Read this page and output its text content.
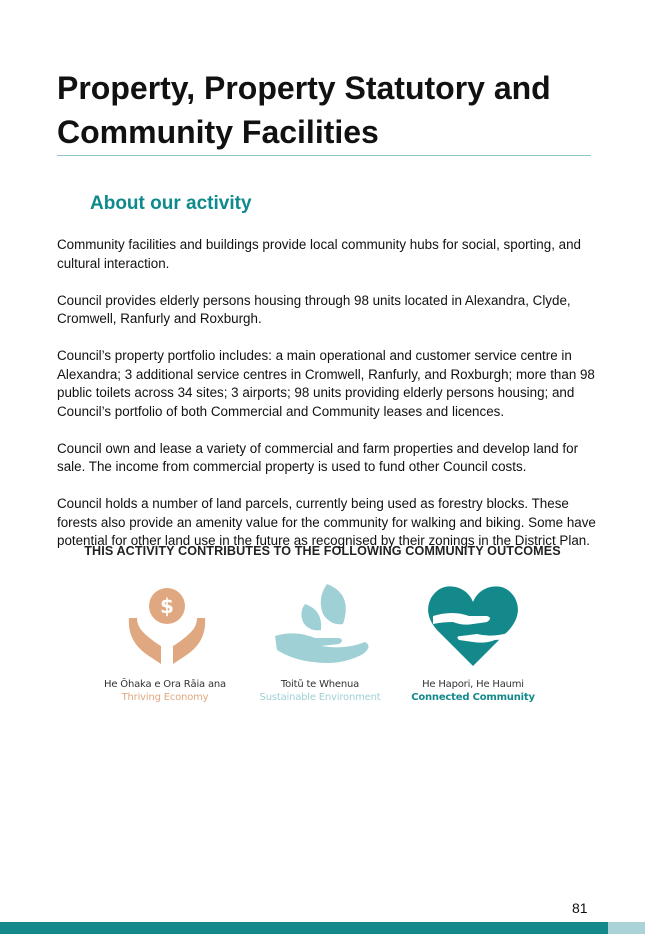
Property, Property Statutory and
Community Facilities
About our activity

Community facilities and buildings provide local community hubs for social, sporting, and cultural interaction.

Council provides elderly persons housing through 98 units located in Alexandra, Clyde, Cromwell, Ranfurly and Roxburgh.

Council’s property portfolio includes: a main operational and customer service centre in Alexandra; 3 additional service centres in Cromwell, Ranfurly, and Roxburgh; more than 98 public toilets across 34 sites; 3 airports; 98 units providing elderly persons housing; and Council’s portfolio of both Commercial and Community leases and licences.

Council own and lease a variety of commercial and farm properties and develop land for sale. The income from commercial property is used to fund other Council costs.

Council holds a number of land parcels, currently being used as forestry blocks. These forests also provide an amenity value for the community for walking and biking. Some have potential for other land use in the future as recognised by their zonings in the District Plan.

THIS ACTIVITY CONTRIBUTES TO THE FOLLOWING COMMUNITY OUTCOMES
$
He Ōhaka e Ora Rāia ana
Thriving Economy
Toitū te Whenua
Sustainable Environment
He Hapori, He Haumi
Connected Community
81
